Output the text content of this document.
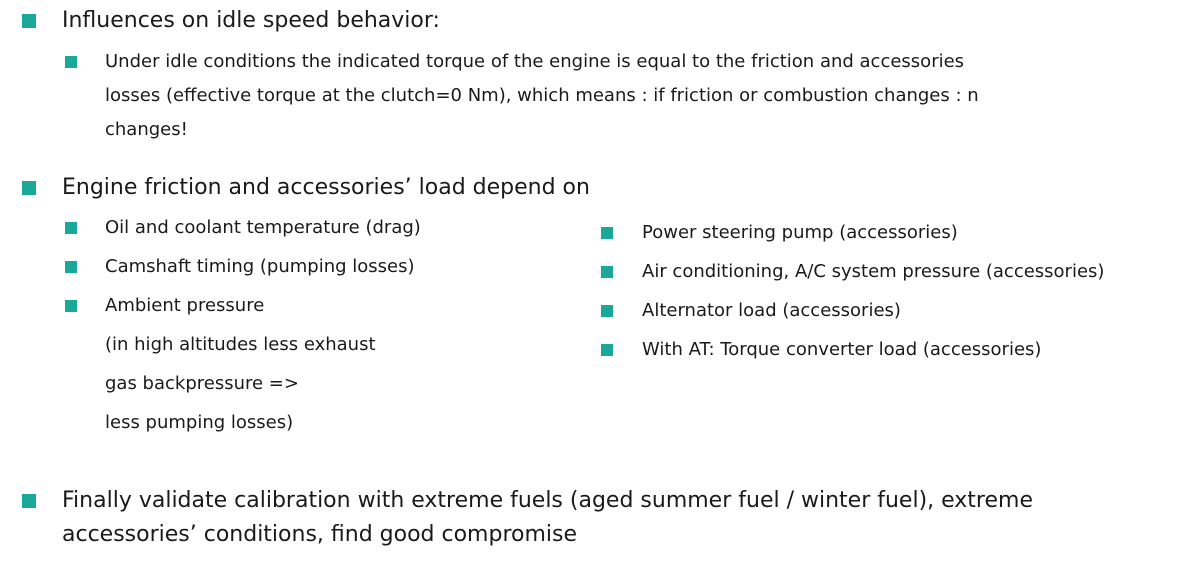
Influences on idle speed behavior:
Under idle conditions the indicated torque of the engine is equal to the friction and accessories
losses (effective torque at the clutch=0 Nm), which means : if friction or combustion changes : n
changes!
Engine friction and accessories’ load depend on
Oil and coolant temperature (drag)
Camshaft timing (pumping losses)
Ambient pressure
(in high altitudes less exhaust
gas backpressure =>
less pumping losses)
Power steering pump (accessories)
Air conditioning, A/C system pressure (accessories)
Alternator load (accessories)
With AT: Torque converter load (accessories)
Finally validate calibration with extreme fuels (aged summer fuel / winter fuel), extreme
accessories’ conditions, find good compromise
